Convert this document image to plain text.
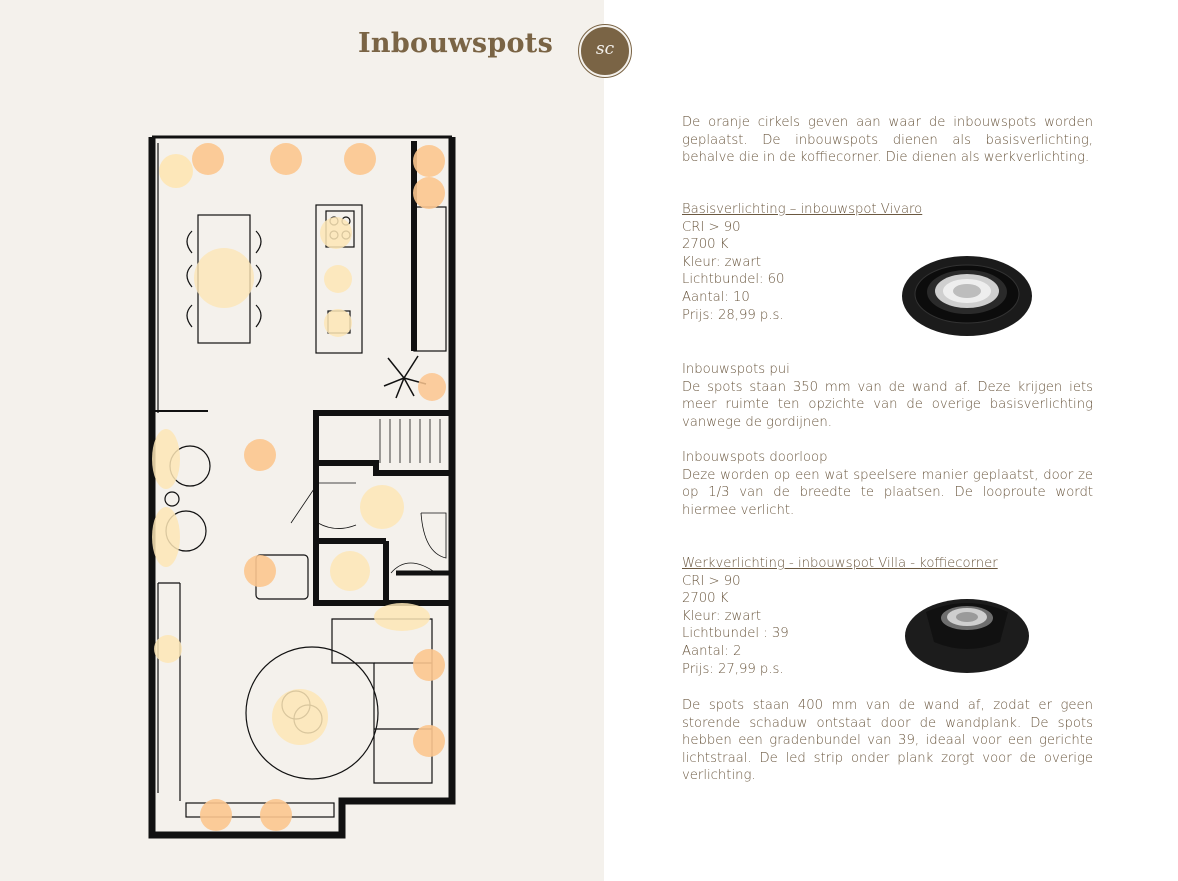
Inbouwspots	sc
De oranje cirkels geven aan waar de inbouwspots worden geplaatst. De inbouwspots dienen als basisverlichting, behalve die in de koffiecorner. Die dienen als werkverlichting.
Basisverlichting – inbouwspot Vivaro
CRI > 90
2700 K
Kleur: zwart
Lichtbundel: 60
Aantal: 10
Prijs: 28,99 p.s.
Inbouwspots pui
De spots staan 350 mm van de wand af. Deze krijgen iets meer ruimte ten opzichte van de overige basisverlichting vanwege de gordijnen.
Inbouwspots doorloop
Deze worden op een wat speelsere manier geplaatst, door ze op 1/3 van de breedte te plaatsen. De looproute wordt hiermee verlicht.
Werkverlichting - inbouwspot Villa - koffiecorner
CRI > 90
2700 K
Kleur: zwart
Lichtbundel : 39
Aantal: 2
Prijs: 27,99 p.s.
De spots staan 400 mm van de wand af, zodat er geen storende schaduw ontstaat door de wandplank. De spots hebben een gradenbundel van 39, ideaal voor een gerichte lichtstraal. De led strip onder plank zorgt voor de overige verlichting.
